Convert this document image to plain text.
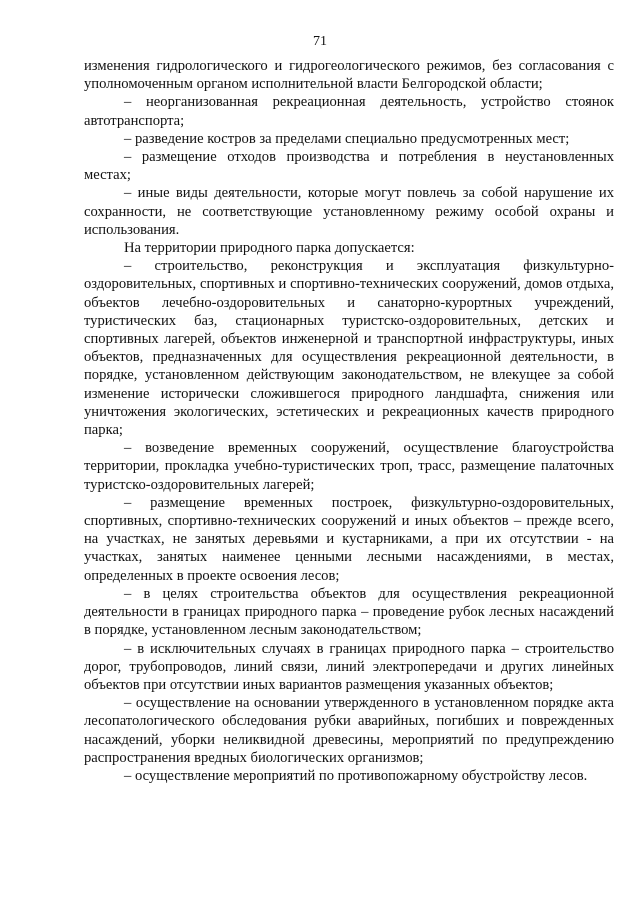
71

изменения гидрологического и гидрогеологического режимов, без согласования с уполномоченным органом исполнительной власти Белгородской области;

– неорганизованная рекреационная деятельность, устройство стоянок автотранспорта;

– разведение костров за пределами специально предусмотренных мест;

– размещение отходов производства и потребления в неустановленных местах;

– иные виды деятельности, которые могут повлечь за собой нарушение их сохранности, не соответствующие установленному режиму особой охраны и использования.

На территории природного парка допускается:

– строительство, реконструкция и эксплуатация физкультурно-оздоровительных, спортивных и спортивно-технических сооружений, домов отдыха, объектов лечебно-оздоровительных и санаторно-курортных учреждений, туристических баз, стационарных туристско-оздоровительных, детских и спортивных лагерей, объектов инженерной и транспортной инфраструктуры, иных объектов, предназначенных для осуществления рекреационной деятельности, в порядке, установленном действующим законодательством, не влекущее за собой изменение исторически сложившегося природного ландшафта, снижения или уничтожения экологических, эстетических и рекреационных качеств природного парка;

– возведение временных сооружений, осуществление благоустройства территории, прокладка учебно-туристических троп, трасс, размещение палаточных туристско-оздоровительных лагерей;

– размещение временных построек, физкультурно-оздоровительных, спортивных, спортивно-технических сооружений и иных объектов – прежде всего, на участках, не занятых деревьями и кустарниками, а при их отсутствии - на участках, занятых наименее ценными лесными насаждениями, в местах, определенных в проекте освоения лесов;

– в целях строительства объектов для осуществления рекреационной деятельности в границах природного парка – проведение рубок лесных насаждений в порядке, установленном лесным законодательством;

– в исключительных случаях в границах природного парка – строительство дорог, трубопроводов, линий связи, линий электропередачи и других линейных объектов при отсутствии иных вариантов размещения указанных объектов;

– осуществление на основании утвержденного в установленном порядке акта лесопатологического обследования рубки аварийных, погибших и поврежденных насаждений, уборки неликвидной древесины, мероприятий по предупреждению распространения вредных биологических организмов;

– осуществление мероприятий по противопожарному обустройству лесов.
